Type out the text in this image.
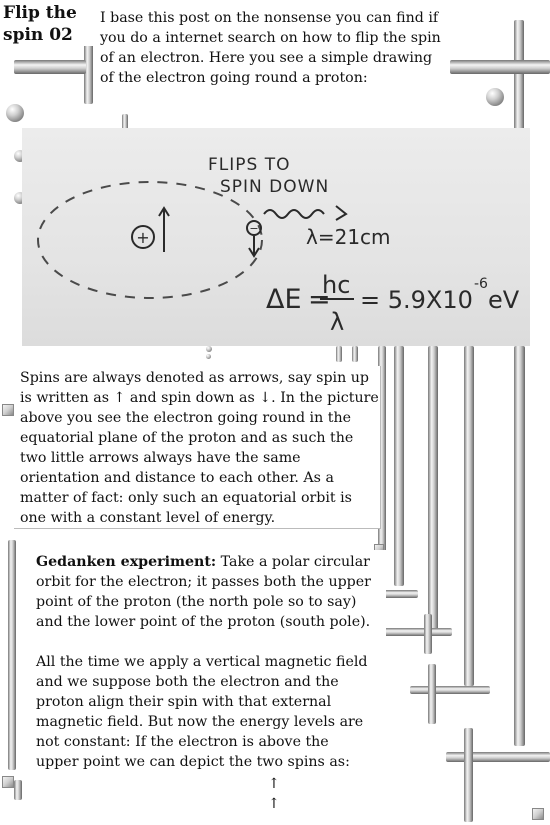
Flip the spin 02

I base this post on the nonsense you can find if you do a internet search on how to flip the spin of an electron. Here you see a simple drawing of the electron going round a proton:

+	−
FLIPS TO
SPIN DOWN
λ=21cm
ΔE =
hc
λ
= 5.9X10
-6
eV

Spins are always denoted as arrows, say spin up is written as ↑ and spin down as ↓. In the picture above you see the electron going round in the equatorial plane of the proton and as such the two little arrows always have the same orientation and distance to each other. As a matter of fact: only such an equatorial orbit is one with a constant level of energy.

Gedanken experiment: Take a polar circular orbit for the electron; it passes both the upper point of the proton (the north pole so to say) and the lower point of the proton (south pole).

All the time we apply a vertical magnetic field and we suppose both the electron and the proton align their spin with that external magnetic field. But now the energy levels are not constant: If the electron is above the upper point we can depict the two spins as:

↑
↑
